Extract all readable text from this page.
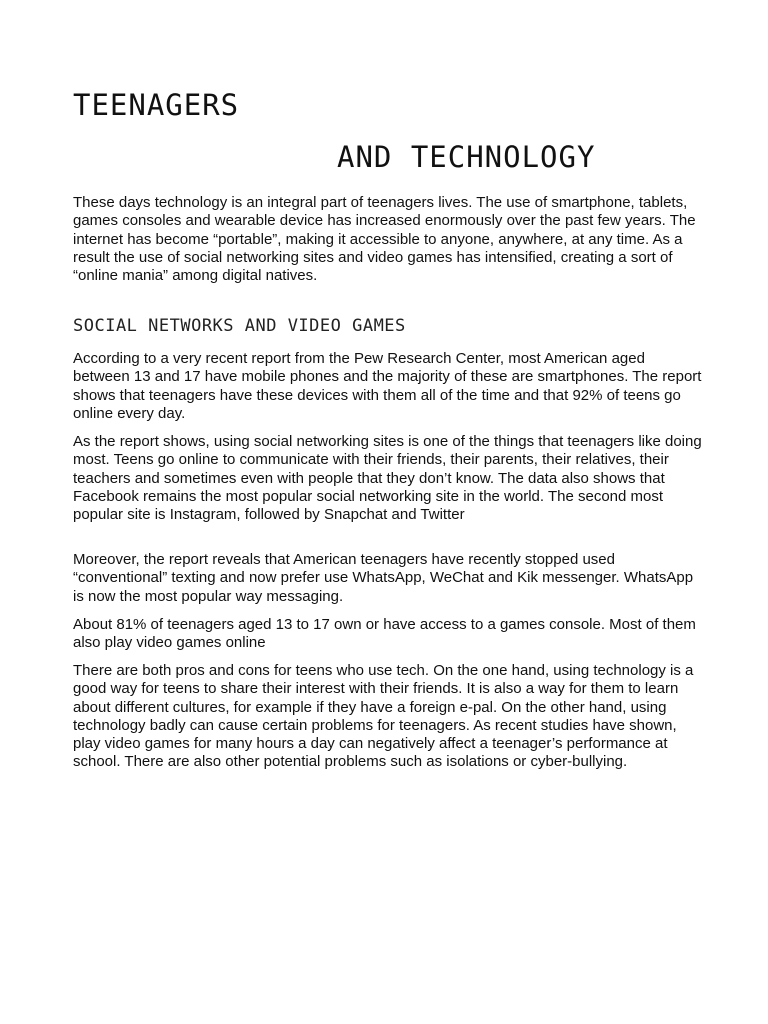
TEENAGERS
AND TECHNOLOGY

These days technology is an integral part of teenagers lives. The use of smartphone, tablets, games consoles and wearable device has increased enormously over the past few years. The internet has become “portable”, making it accessible to anyone, anywhere, at any time. As a result the use of social networking sites and video games has intensified, creating a sort of “online mania” among digital natives.

SOCIAL NETWORKS AND VIDEO GAMES

According to a very recent report from the Pew Research Center, most American aged between 13 and 17 have mobile phones and the majority of these are smartphones. The report shows that teenagers have these devices with them all of the time and that 92% of teens go online every day.

As the report shows, using social networking sites is one of the things that teenagers like doing most. Teens go online to communicate with their friends, their parents, their relatives, their teachers and sometimes even with people that they don’t know. The data also shows that Facebook remains the most popular social networking site in the world. The second most popular site is Instagram, followed by Snapchat and Twitter

Moreover, the report reveals that American teenagers have recently stopped used “conventional” texting and now prefer use WhatsApp, WeChat and Kik messenger. WhatsApp is now the most popular way messaging.

About 81% of teenagers aged 13 to 17 own or have access to a games console. Most of them also play video games online

There are both pros and cons for teens who use tech. On the one hand, using technology is a good way for teens to share their interest with their friends. It is also a way for them to learn about different cultures, for example if they have a foreign e-pal. On the other hand, using technology badly can cause certain problems for teenagers. As recent studies have shown, play video games for many hours a day can negatively affect a teenager’s performance at school. There are also other potential problems such as isolations or cyber-bullying.
